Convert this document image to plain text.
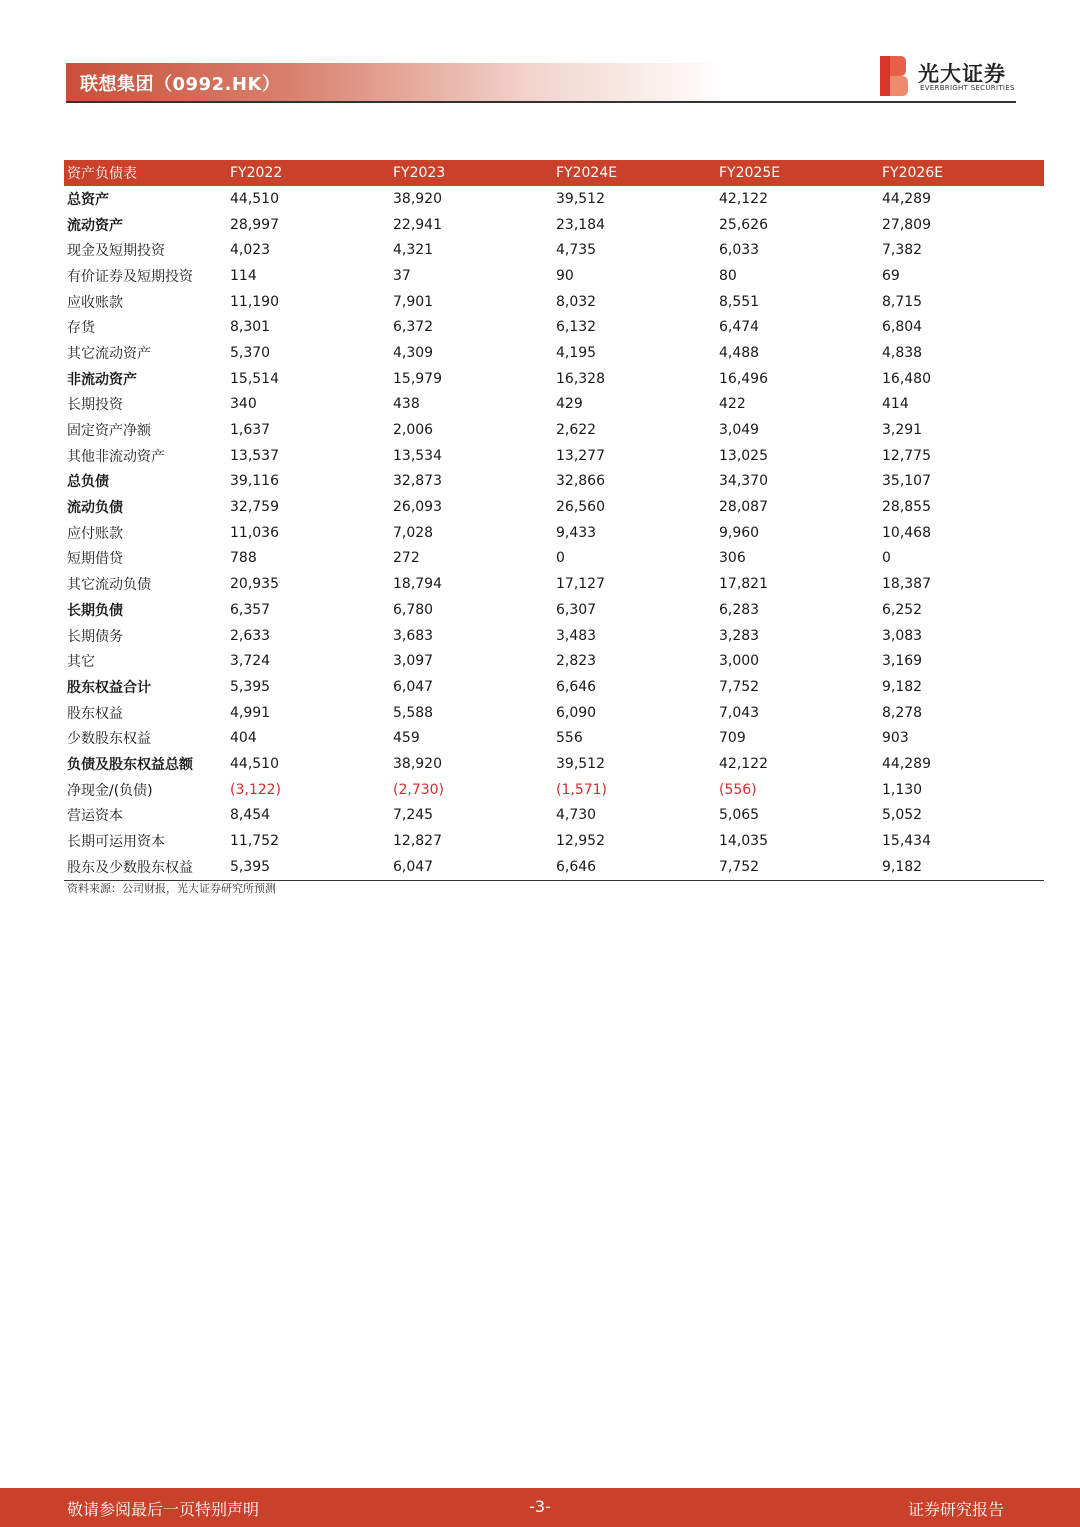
联想集团（0992.HK）	光大证券
EVERBRIGHT SECURITIES
资产负债表	FY2022	FY2023	FY2024E	FY2025E	FY2026E
总资产	44,510	38,920	39,512	42,122	44,289
流动资产	28,997	22,941	23,184	25,626	27,809
现金及短期投资	4,023	4,321	4,735	6,033	7,382
有价证券及短期投资	114	37	90	80	69
应收账款	11,190	7,901	8,032	8,551	8,715
存货	8,301	6,372	6,132	6,474	6,804
其它流动资产	5,370	4,309	4,195	4,488	4,838
非流动资产	15,514	15,979	16,328	16,496	16,480
长期投资	340	438	429	422	414
固定资产净额	1,637	2,006	2,622	3,049	3,291
其他非流动资产	13,537	13,534	13,277	13,025	12,775
总负债	39,116	32,873	32,866	34,370	35,107
流动负债	32,759	26,093	26,560	28,087	28,855
应付账款	11,036	7,028	9,433	9,960	10,468
短期借贷	788	272	0	306	0
其它流动负债	20,935	18,794	17,127	17,821	18,387
长期负债	6,357	6,780	6,307	6,283	6,252
长期债务	2,633	3,683	3,483	3,283	3,083
其它	3,724	3,097	2,823	3,000	3,169
股东权益合计	5,395	6,047	6,646	7,752	9,182
股东权益	4,991	5,588	6,090	7,043	8,278
少数股东权益	404	459	556	709	903
负债及股东权益总额	44,510	38,920	39,512	42,122	44,289
净现金/(负债)	(3,122)	(2,730)	(1,571)	(556)	1,130
营运资本	8,454	7,245	4,730	5,065	5,052
长期可运用资本	11,752	12,827	12,952	14,035	15,434
股东及少数股东权益	5,395	6,047	6,646	7,752	9,182
资料来源：公司财报，光大证券研究所预测
敬请参阅最后一页特别声明	-3-	证券研究报告
